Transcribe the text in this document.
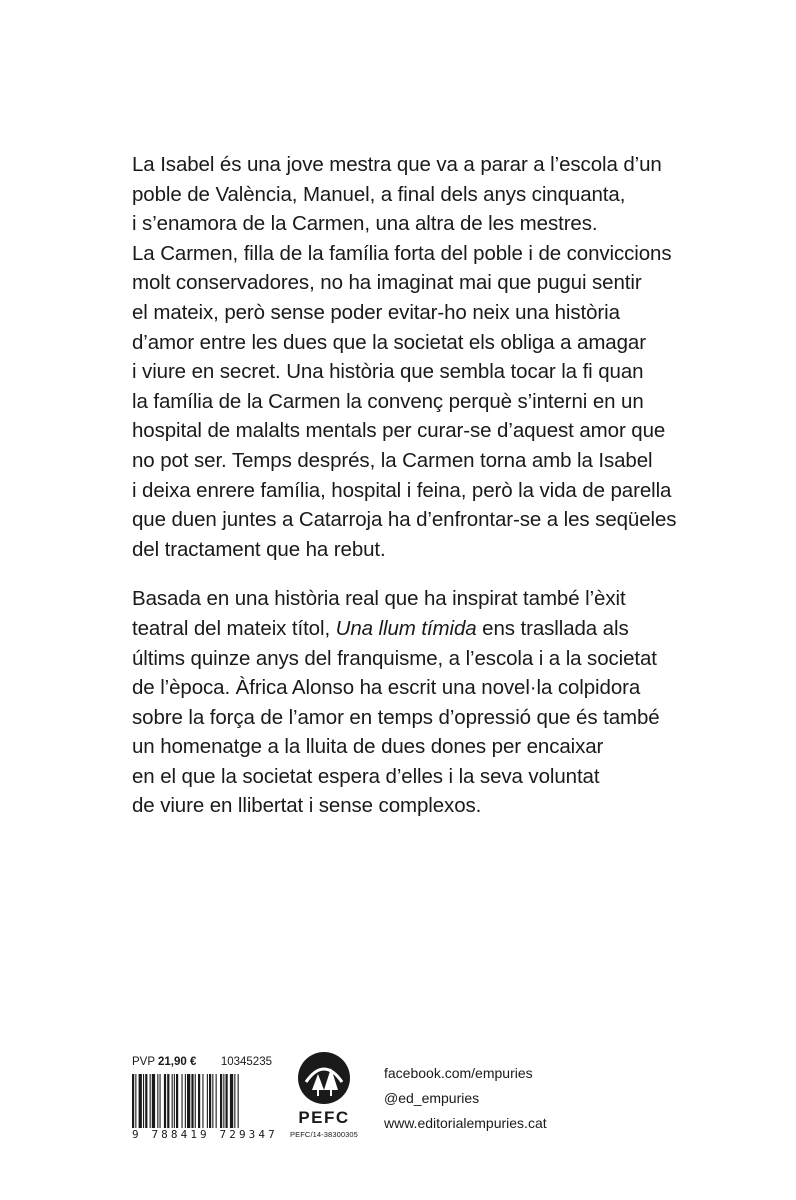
La Isabel és una jove mestra que va a parar a l’escola d’un
poble de València, Manuel, a final dels anys cinquanta,
i s’enamora de la Carmen, una altra de les mestres.
La Carmen, filla de la família forta del poble i de conviccions
molt conservadores, no ha imaginat mai que pugui sentir
el mateix, però sense poder evitar-ho neix una història
d’amor entre les dues que la societat els obliga a amagar
i viure en secret. Una història que sembla tocar la fi quan
la família de la Carmen la convenç perquè s’interni en un
hospital de malalts mentals per curar-se d’aquest amor que
no pot ser. Temps després, la Carmen torna amb la Isabel
i deixa enrere família, hospital i feina, però la vida de parella
que duen juntes a Catarroja ha d’enfrontar-se a les seqüeles
del tractament que ha rebut.

Basada en una història real que ha inspirat també l’èxit
teatral del mateix títol, Una llum tímida ens trasllada als
últims quinze anys del franquisme, a l’escola i a la societat
de l’època. Àfrica Alonso ha escrit una novel·la colpidora
sobre la força de l’amor en temps d’opressió que és també
un homenatge a la lluita de dues dones per encaixar
en el que la societat espera d’elles i la seva voluntat
de viure en llibertat i sense complexos.

PVP 21,90 € 10345235
9 788419 729347
PEFC
PEFC/14-38300305
facebook.com/empuries
@ed_empuries
www.editorialempuries.cat
